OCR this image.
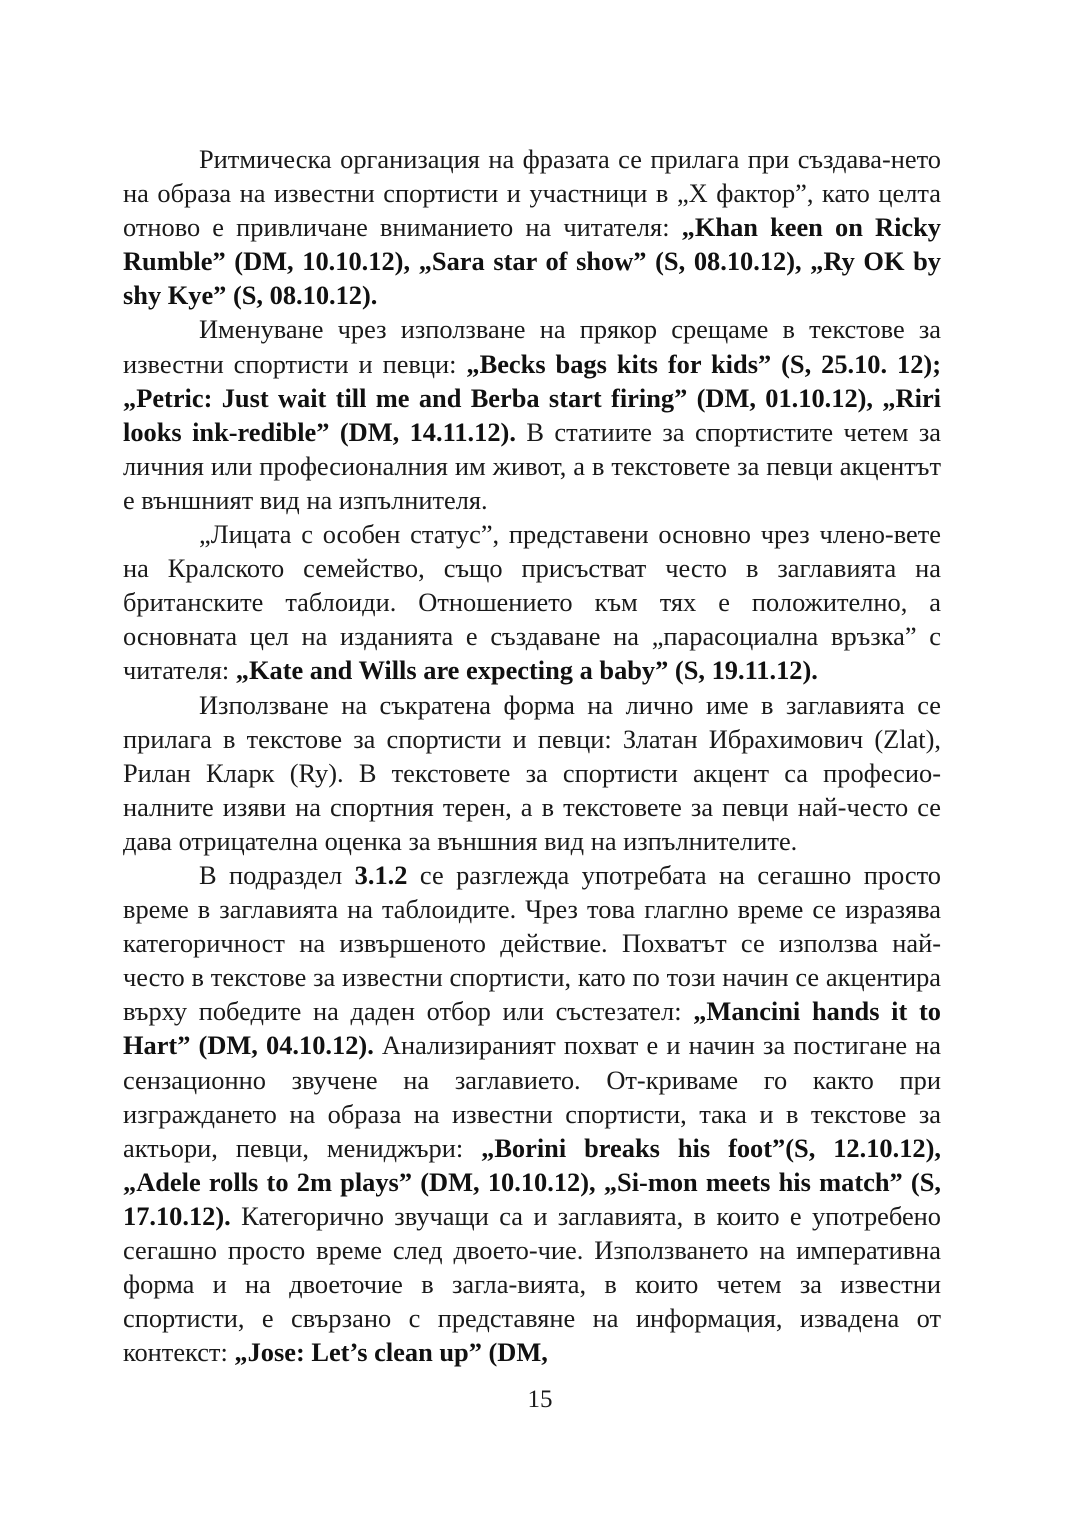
Ритмическа организация на фразата се прилага при създава-нето на образа на известни спортисти и участници в „Х фактор”, като целта отново е привличане вниманието на читателя: „Khan keen on Ricky Rumble” (DM, 10.10.12), „Sara star of show” (S, 08.10.12), „Ry OK by shy Kye” (S, 08.10.12).

Именуване чрез използване на прякор срещаме в текстове за известни спортисти и певци: „Becks bags kits for kids” (S, 25.10. 12); „Petric: Just wait till me and Berba start firing” (DM, 01.10.12), „Riri looks ink-redible” (DM, 14.11.12). В статиите за спортистите четем за личния или професионалния им живот, а в текстовете за певци акцентът е външният вид на изпълнителя.

„Лицата с особен статус”, представени основно чрез члено-вете на Кралското семейство, също присъстват често в заглавията на британските таблоиди. Отношението към тях е положително, а основната цел на изданията е създаване на „парасоциална връзка” с читателя: „Kate and Wills are expecting a baby” (S, 19.11.12).

Използване на съкратена форма на лично име в заглавията се прилага в текстове за спортисти и певци: Златан Ибрахимович (Zlat), Рилан Кларк (Ry). В текстовете за спортисти акцент са професио-налните изяви на спортния терен, а в текстовете за певци най-често се дава отрицателна оценка за външния вид на изпълнителите.

В подраздел 3.1.2 се разглежда употребата на сегашно просто време в заглавията на таблоидите. Чрез това глаглно време се изразява категоричност на извършеното действие. Похватът се използва най-често в текстове за известни спортисти, като по този начин се акцентира върху победите на даден отбор или състезател: „Mancini hands it to Hart” (DM, 04.10.12). Анализираният похват е и начин за постигане на сензационно звучене на заглавието. От-криваме го както при изграждането на образа на известни спортисти, така и в текстове за актьори, певци, мениджъри: „Borini breaks his foot”(S, 12.10.12), „Adele rolls to 2m plays” (DM, 10.10.12), „Si-mon meets his match” (S, 17.10.12). Категорично звучащи са и заглавията, в които е употребено сегашно просто време след двоето-чие. Използването на императивна форма и на двоеточие в загла-вията, в които четем за известни спортисти, е свързано с представяне на информация, извадена от контекст: „Jose: Let’s clean up” (DM,

15
